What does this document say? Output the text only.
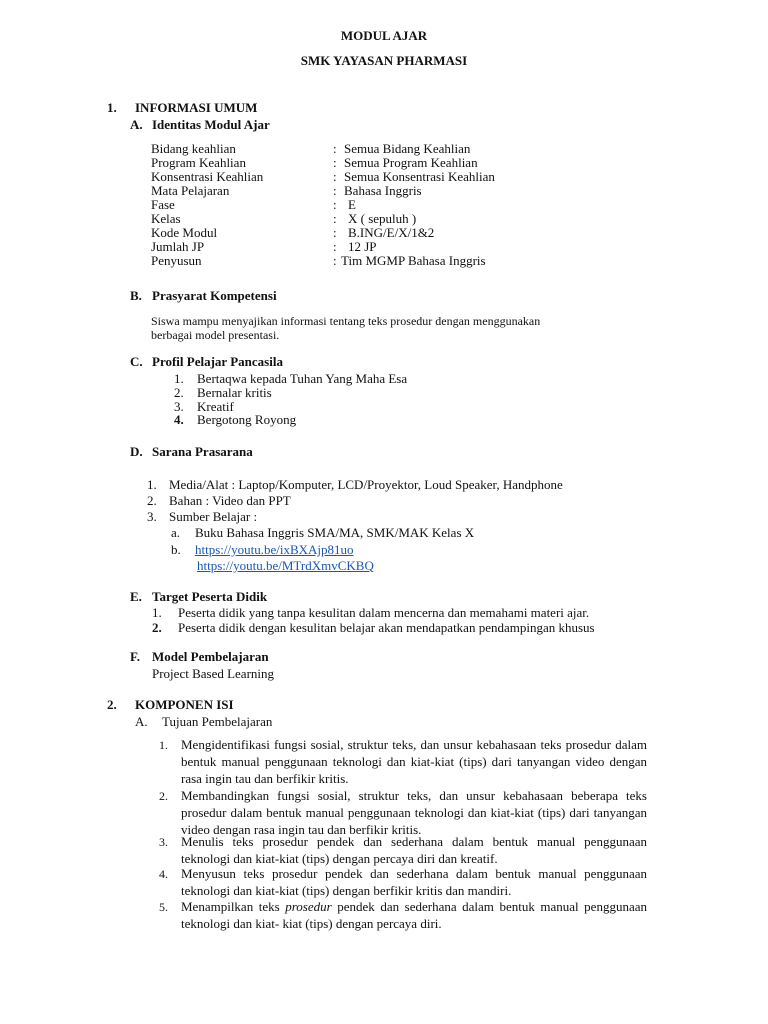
MODUL AJAR
SMK YAYASAN PHARMASI
1. INFORMASI UMUM
A. Identitas Modul Ajar
Bidang keahlian	: Semua Bidang Keahlian
Program Keahlian	: Semua Program Keahlian
Konsentrasi Keahlian	: Semua Konsentrasi Keahlian
Mata Pelajaran	: Bahasa Inggris
Fase	: E
Kelas	: X ( sepuluh )
Kode Modul	: B.ING/E/X/1&2
Jumlah JP	: 12 JP
Penyusun	: Tim MGMP Bahasa Inggris
B. Prasyarat Kompetensi
Siswa mampu menyajikan informasi tentang teks prosedur dengan menggunakan
berbagai model presentasi.
C. Profil Pelajar Pancasila
1. Bertaqwa kepada Tuhan Yang Maha Esa
2. Bernalar kritis
3. Kreatif
4. Bergotong Royong
D. Sarana Prasarana
1. Media/Alat : Laptop/Komputer, LCD/Proyektor, Loud Speaker, Handphone
2. Bahan : Video dan PPT
3. Sumber Belajar :
a. Buku Bahasa Inggris SMA/MA, SMK/MAK Kelas X
b. https://youtu.be/ixBXAjp81uo
https://youtu.be/MTrdXmvCKBQ
E. Target Peserta Didik
1. Peserta didik yang tanpa kesulitan dalam mencerna dan memahami materi ajar.
2. Peserta didik dengan kesulitan belajar akan mendapatkan pendampingan khusus
F. Model Pembelajaran
Project Based Learning
2. KOMPONEN ISI
A. Tujuan Pembelajaran
1. Mengidentifikasi fungsi sosial, struktur teks, dan unsur kebahasaan teks prosedur dalam bentuk manual penggunaan teknologi dan kiat-kiat (tips) dari tanyangan video dengan rasa ingin tau dan berfikir kritis.
2. Membandingkan fungsi sosial, struktur teks, dan unsur kebahasaan beberapa teks prosedur dalam bentuk manual penggunaan teknologi dan kiat-kiat (tips) dari tanyangan video dengan rasa ingin tau dan berfikir kritis.
3. Menulis teks prosedur pendek dan sederhana dalam bentuk manual penggunaan teknologi dan kiat-kiat (tips) dengan percaya diri dan kreatif.
4. Menyusun teks prosedur pendek dan sederhana dalam bentuk manual penggunaan teknologi dan kiat-kiat (tips) dengan berfikir kritis dan mandiri.
5. Menampilkan teks prosedur pendek dan sederhana dalam bentuk manual penggunaan teknologi dan kiat- kiat (tips) dengan percaya diri.
